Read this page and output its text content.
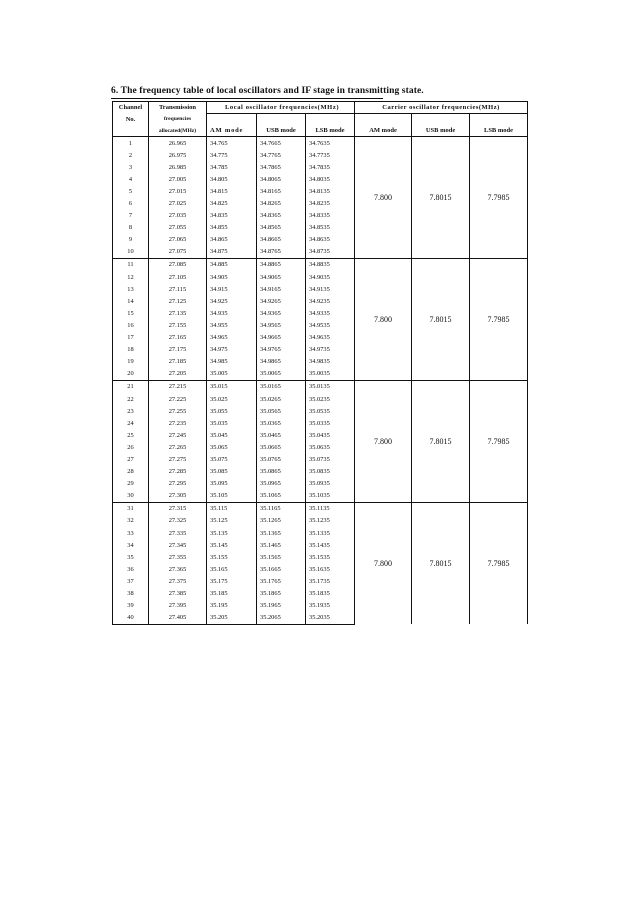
6. The frequency table of local oscillators and IF stage in transmitting state.
Channel	Transmission	Local oscillator frequencies(MHz)			Carrier oscillator frequencies(MHz)		
No.	frequencies						
	allocated(MHz)	AM mode	USB mode	LSB mode	AM mode	USB mode	LSB mode
1	26.965	34.765	34.7665	34.7635	7.800	7.8015	7.7985
2	26.975	34.775	34.7765	34.7735			
3	26.985	34.785	34.7865	34.7835			
4	27.005	34.805	34.8065	34.8035			
5	27.015	34.815	34.8165	34.8135			
6	27.025	34.825	34.8265	34.8235			
7	27.035	34.835	34.8365	34.8335			
8	27.055	34.855	34.8565	34.8535			
9	27.065	34.865	34.8665	34.8635			
10	27.075	34.875	34.8765	34.8735			
11	27.085	34.885	34.8865	34.8835	7.800	7.8015	7.7985
12	27.105	34.905	34.9065	34.9035			
13	27.115	34.915	34.9165	34.9135			
14	27.125	34.925	34.9265	34.9235			
15	27.135	34.935	34.9365	34.9335			
16	27.155	34.955	34.9565	34.9535			
17	27.165	34.965	34.9665	34.9635			
18	27.175	34.975	34.9765	34.9735			
19	27.185	34.985	34.9865	34.9835			
20	27.205	35.005	35.0065	35.0035			
21	27.215	35.015	35.0165	35.0135	7.800	7.8015	7.7985
22	27.225	35.025	35.0265	35.0235			
23	27.255	35.055	35.0565	35.0535			
24	27.235	35.035	35.0365	35.0335			
25	27.245	35.045	35.0465	35.0435			
26	27.265	35.065	35.0665	35.0635			
27	27.275	35.075	35.0765	35.0735			
28	27.285	35.085	35.0865	35.0835			
29	27.295	35.095	35.0965	35.0935			
30	27.305	35.105	35.1065	35.1035			
31	27.315	35.115	35.1165	35.1135	7.800	7.8015	7.7985
32	27.325	35.125	35.1265	35.1235			
33	27.335	35.135	35.1365	35.1335			
34	27.345	35.145	35.1465	35.1435			
35	27.355	35.155	35.1565	35.1535			
36	27.365	35.165	35.1665	35.1635			
37	27.375	35.175	35.1765	35.1735			
38	27.385	35.185	35.1865	35.1835			
39	27.395	35.195	35.1965	35.1935			
40	27.405	35.205	35.2065	35.2035			
